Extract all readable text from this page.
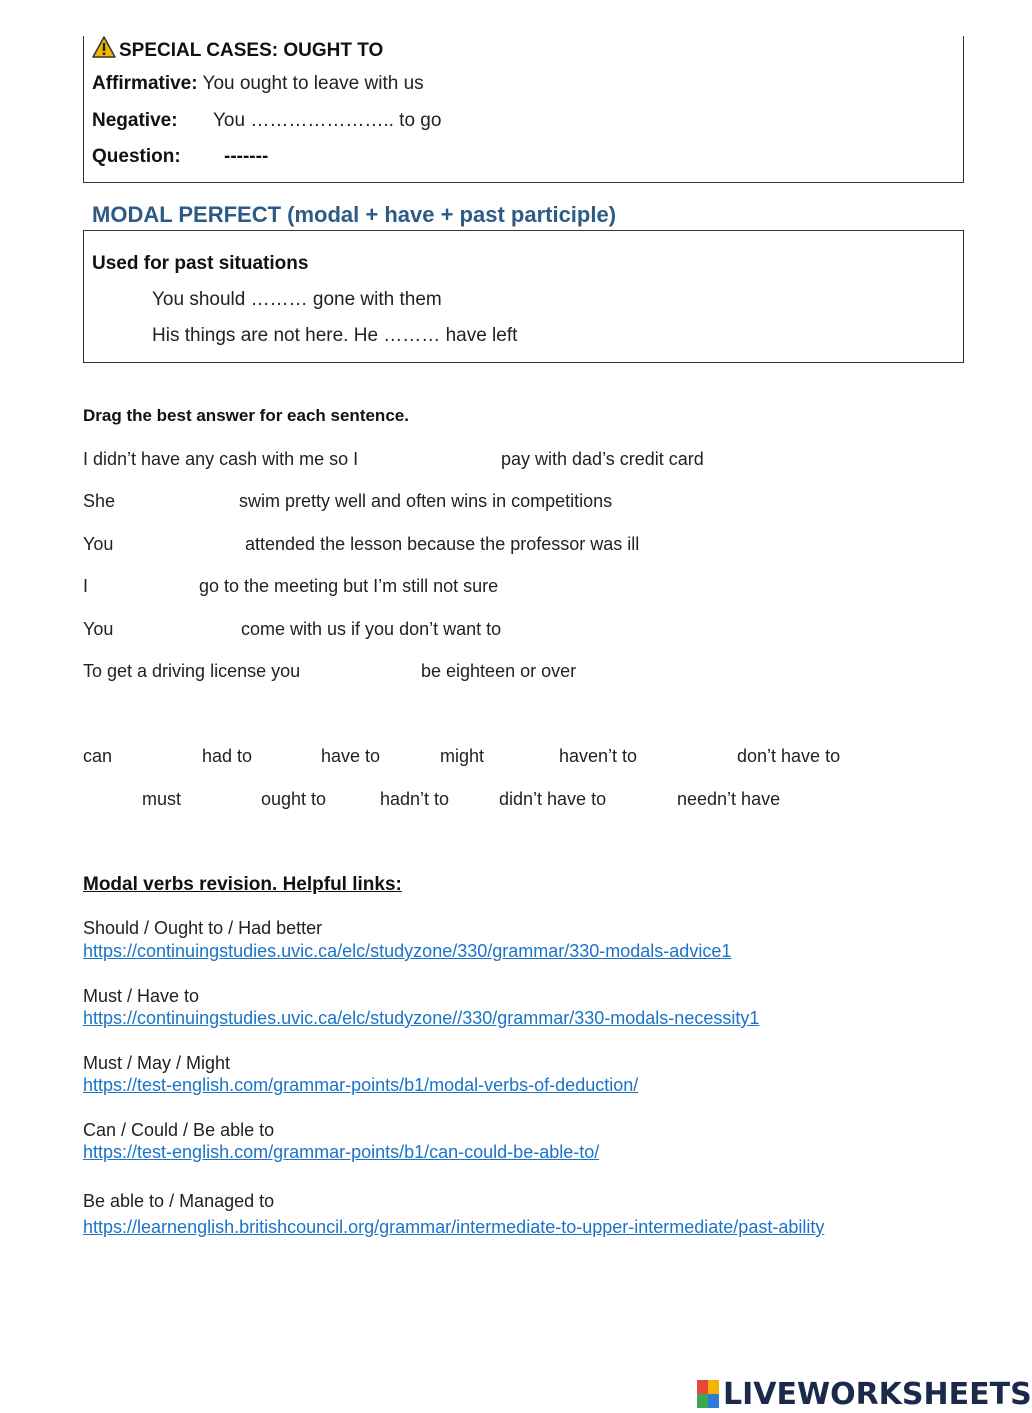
SPECIAL CASES: OUGHT TO
Affirmative: You ought to leave with us
Negative: You ………………….. to go
Question: -------
MODAL PERFECT (modal + have + past participle)
Used for past situations
You should ……… gone with them
His things are not here. He ……… have left
Drag the best answer for each sentence.
I didn’t have any cash with me so I	pay with dad’s credit card
She	swim pretty well and often wins in competitions
You	attended the lesson because the professor was ill
I	go to the meeting but I’m still not sure
You	come with us if you don’t want to
To get a driving license you	be eighteen or over
can	had to	have to	might	haven’t to	don’t have to
must	ought to	hadn’t to	didn’t have to	needn’t have
Modal verbs revision. Helpful links:
Should / Ought to / Had better
https://continuingstudies.uvic.ca/elc/studyzone/330/grammar/330-modals-advice1
Must / Have to
https://continuingstudies.uvic.ca/elc/studyzone//330/grammar/330-modals-necessity1
Must / May / Might
https://test-english.com/grammar-points/b1/modal-verbs-of-deduction/
Can / Could / Be able to
https://test-english.com/grammar-points/b1/can-could-be-able-to/
Be able to / Managed to
https://learnenglish.britishcouncil.org/grammar/intermediate-to-upper-intermediate/past-ability
LIVEWORKSHEETS
